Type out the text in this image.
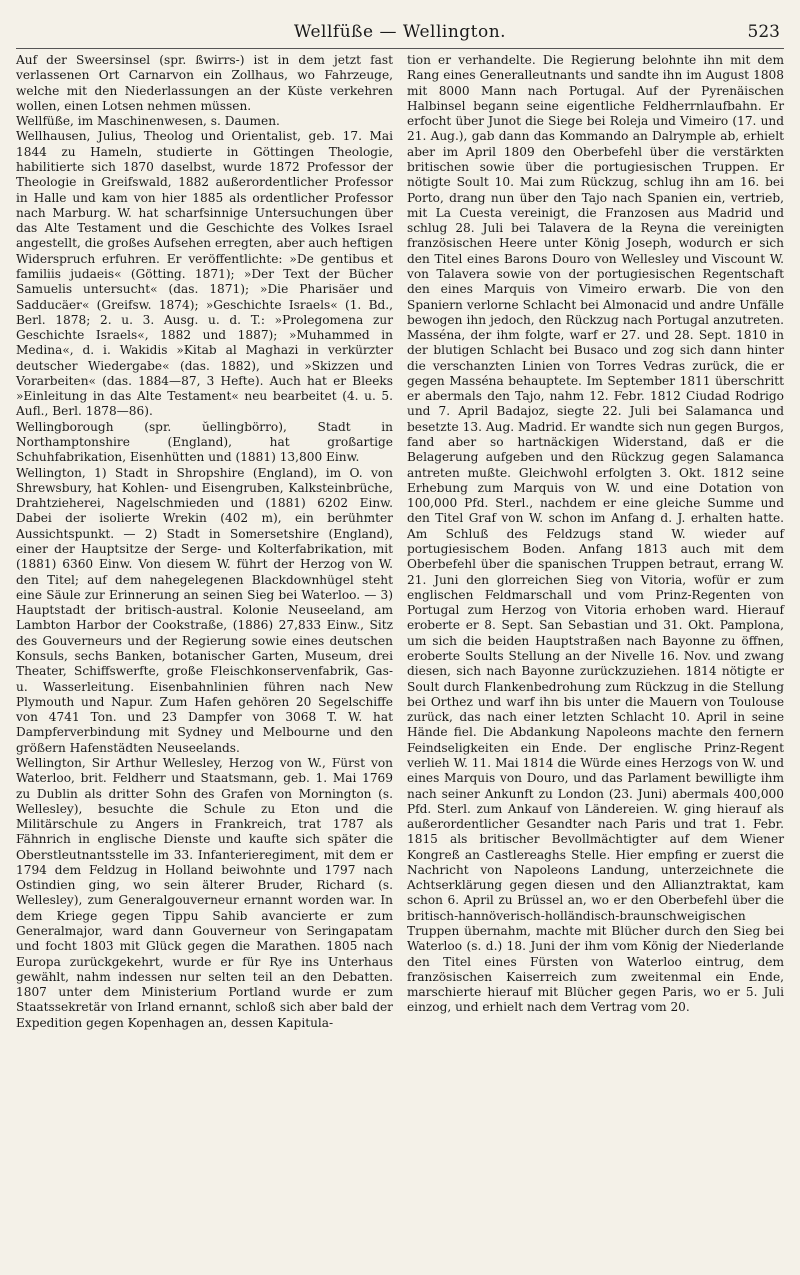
Wellfüße — Wellington.	523

Auf der Sweersinsel (spr. ßwirrs-) ist in dem jetzt fast verlassenen Ort Carnarvon ein Zollhaus, wo Fahrzeuge, welche mit den Niederlassungen an der Küste verkehren wollen, einen Lotsen nehmen müssen.

Wellfüße, im Maschinenwesen, s. Daumen.

Wellhausen, Julius, Theolog und Orientalist, geb. 17. Mai 1844 zu Hameln, studierte in Göttingen Theologie, habilitierte sich 1870 daselbst, wurde 1872 Professor der Theologie in Greifswald, 1882 außerordentlicher Professor in Halle und kam von hier 1885 als ordentlicher Professor nach Marburg. W. hat scharfsinnige Untersuchungen über das Alte Testament und die Geschichte des Volkes Israel angestellt, die großes Aufsehen erregten, aber auch heftigen Widerspruch erfuhren. Er veröffentlichte: »De gentibus et familiis judaeis« (Götting. 1871); »Der Text der Bücher Samuelis untersucht« (das. 1871); »Die Pharisäer und Sadducäer« (Greifsw. 1874); »Geschichte Israels« (1. Bd., Berl. 1878; 2. u. 3. Ausg. u. d. T.: »Prolegomena zur Geschichte Israels«, 1882 und 1887); »Muhammed in Medina«, d. i. Wakidis »Kitab al Maghazi in verkürzter deutscher Wiedergabe« (das. 1882), und »Skizzen und Vorarbeiten« (das. 1884—87, 3 Hefte). Auch hat er Bleeks »Einleitung in das Alte Testament« neu bearbeitet (4. u. 5. Aufl., Berl. 1878—86).

Wellingborough (spr. ŭellingbörro), Stadt in Northamptonshire (England), hat großartige Schuhfabrikation, Eisenhütten und (1881) 13,800 Einw.

Wellington, 1) Stadt in Shropshire (England), im O. von Shrewsbury, hat Kohlen- und Eisengruben, Kalksteinbrüche, Drahtzieherei, Nagelschmieden und (1881) 6202 Einw. Dabei der isolierte Wrekin (402 m), ein berühmter Aussichtspunkt. — 2) Stadt in Somersetshire (England), einer der Hauptsitze der Serge- und Kolterfabrikation, mit (1881) 6360 Einw. Von diesem W. führt der Herzog von W. den Titel; auf dem nahegelegenen Blackdownhügel steht eine Säule zur Erinnerung an seinen Sieg bei Waterloo. — 3) Hauptstadt der britisch-austral. Kolonie Neuseeland, am Lambton Harbor der Cookstraße, (1886) 27,833 Einw., Sitz des Gouverneurs und der Regierung sowie eines deutschen Konsuls, sechs Banken, botanischer Garten, Museum, drei Theater, Schiffswerfte, große Fleischkonservenfabrik, Gas- u. Wasserleitung. Eisenbahnlinien führen nach New Plymouth und Napur. Zum Hafen gehören 20 Segelschiffe von 4741 Ton. und 23 Dampfer von 3068 T. W. hat Dampferverbindung mit Sydney und Melbourne und den größern Hafenstädten Neuseelands.

Wellington, Sir Arthur Wellesley, Herzog von W., Fürst von Waterloo, brit. Feldherr und Staatsmann, geb. 1. Mai 1769 zu Dublin als dritter Sohn des Grafen von Mornington (s. Wellesley), besuchte die Schule zu Eton und die Militärschule zu Angers in Frankreich, trat 1787 als Fähnrich in englische Dienste und kaufte sich später die Oberstleutnantsstelle im 33. Infanterieregiment, mit dem er 1794 dem Feldzug in Holland beiwohnte und 1797 nach Ostindien ging, wo sein älterer Bruder, Richard (s. Wellesley), zum Generalgouverneur ernannt worden war. In dem Kriege gegen Tippu Sahib avancierte er zum Generalmajor, ward dann Gouverneur von Seringapatam und focht 1803 mit Glück gegen die Marathen. 1805 nach Europa zurückgekehrt, wurde er für Rye ins Unterhaus gewählt, nahm indessen nur selten teil an den Debatten. 1807 unter dem Ministerium Portland wurde er zum Staatssekretär von Irland ernannt, schloß sich aber bald der Expedition gegen Kopenhagen an, dessen Kapitula-

tion er verhandelte. Die Regierung belohnte ihn mit dem Rang eines Generalleutnants und sandte ihn im August 1808 mit 8000 Mann nach Portugal. Auf der Pyrenäischen Halbinsel begann seine eigentliche Feldherrnlaufbahn. Er erfocht über Junot die Siege bei Roleja und Vimeiro (17. und 21. Aug.), gab dann das Kommando an Dalrymple ab, erhielt aber im April 1809 den Oberbefehl über die verstärkten britischen sowie über die portugiesischen Truppen. Er nötigte Soult 10. Mai zum Rückzug, schlug ihn am 16. bei Porto, drang nun über den Tajo nach Spanien ein, vertrieb, mit La Cuesta vereinigt, die Franzosen aus Madrid und schlug 28. Juli bei Talavera de la Reyna die vereinigten französischen Heere unter König Joseph, wodurch er sich den Titel eines Barons Douro von Wellesley und Viscount W. von Talavera sowie von der portugiesischen Regentschaft den eines Marquis von Vimeiro erwarb. Die von den Spaniern verlorne Schlacht bei Almonacid und andre Unfälle bewogen ihn jedoch, den Rückzug nach Portugal anzutreten. Masséna, der ihm folgte, warf er 27. und 28. Sept. 1810 in der blutigen Schlacht bei Busaco und zog sich dann hinter die verschanzten Linien von Torres Vedras zurück, die er gegen Masséna behauptete. Im September 1811 überschritt er abermals den Tajo, nahm 12. Febr. 1812 Ciudad Rodrigo und 7. April Badajoz, siegte 22. Juli bei Salamanca und besetzte 13. Aug. Madrid. Er wandte sich nun gegen Burgos, fand aber so hartnäckigen Widerstand, daß er die Belagerung aufgeben und den Rückzug gegen Salamanca antreten mußte. Gleichwohl erfolgten 3. Okt. 1812 seine Erhebung zum Marquis von W. und eine Dotation von 100,000 Pfd. Sterl., nachdem er eine gleiche Summe und den Titel Graf von W. schon im Anfang d. J. erhalten hatte. Am Schluß des Feldzugs stand W. wieder auf portugiesischem Boden. Anfang 1813 auch mit dem Oberbefehl über die spanischen Truppen betraut, errang W. 21. Juni den glorreichen Sieg von Vitoria, wofür er zum englischen Feldmarschall und vom Prinz-Regenten von Portugal zum Herzog von Vitoria erhoben ward. Hierauf eroberte er 8. Sept. San Sebastian und 31. Okt. Pamplona, um sich die beiden Hauptstraßen nach Bayonne zu öffnen, eroberte Soults Stellung an der Nivelle 16. Nov. und zwang diesen, sich nach Bayonne zurückzuziehen. 1814 nötigte er Soult durch Flankenbedrohung zum Rückzug in die Stellung bei Orthez und warf ihn bis unter die Mauern von Toulouse zurück, das nach einer letzten Schlacht 10. April in seine Hände fiel. Die Abdankung Napoleons machte den fernern Feindseligkeiten ein Ende. Der englische Prinz-Regent verlieh W. 11. Mai 1814 die Würde eines Herzogs von W. und eines Marquis von Douro, und das Parlament bewilligte ihm nach seiner Ankunft zu London (23. Juni) abermals 400,000 Pfd. Sterl. zum Ankauf von Ländereien. W. ging hierauf als außerordentlicher Gesandter nach Paris und trat 1. Febr. 1815 als britischer Bevollmächtigter auf dem Wiener Kongreß an Castlereaghs Stelle. Hier empfing er zuerst die Nachricht von Napoleons Landung, unterzeichnete die Achtserklärung gegen diesen und den Allianztraktat, kam schon 6. April zu Brüssel an, wo er den Oberbefehl über die britisch-hannöverisch-holländisch-braunschweigischen Truppen übernahm, machte mit Blücher durch den Sieg bei Waterloo (s. d.) 18. Juni der ihm vom König der Niederlande den Titel eines Fürsten von Waterloo eintrug, dem französischen Kaiserreich zum zweitenmal ein Ende, marschierte hierauf mit Blücher gegen Paris, wo er 5. Juli einzog, und erhielt nach dem Vertrag vom 20.
